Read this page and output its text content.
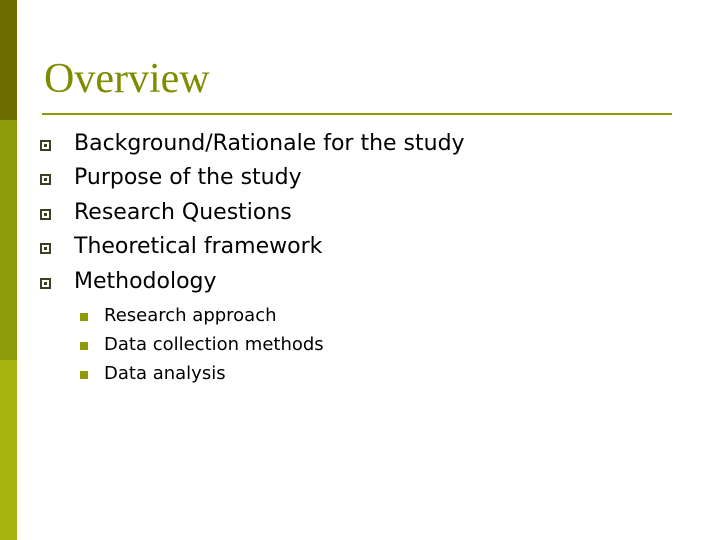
Overview
Background/Rationale for the study
Purpose of the study
Research Questions
Theoretical framework
Methodology
Research approach
Data collection methods
Data analysis
